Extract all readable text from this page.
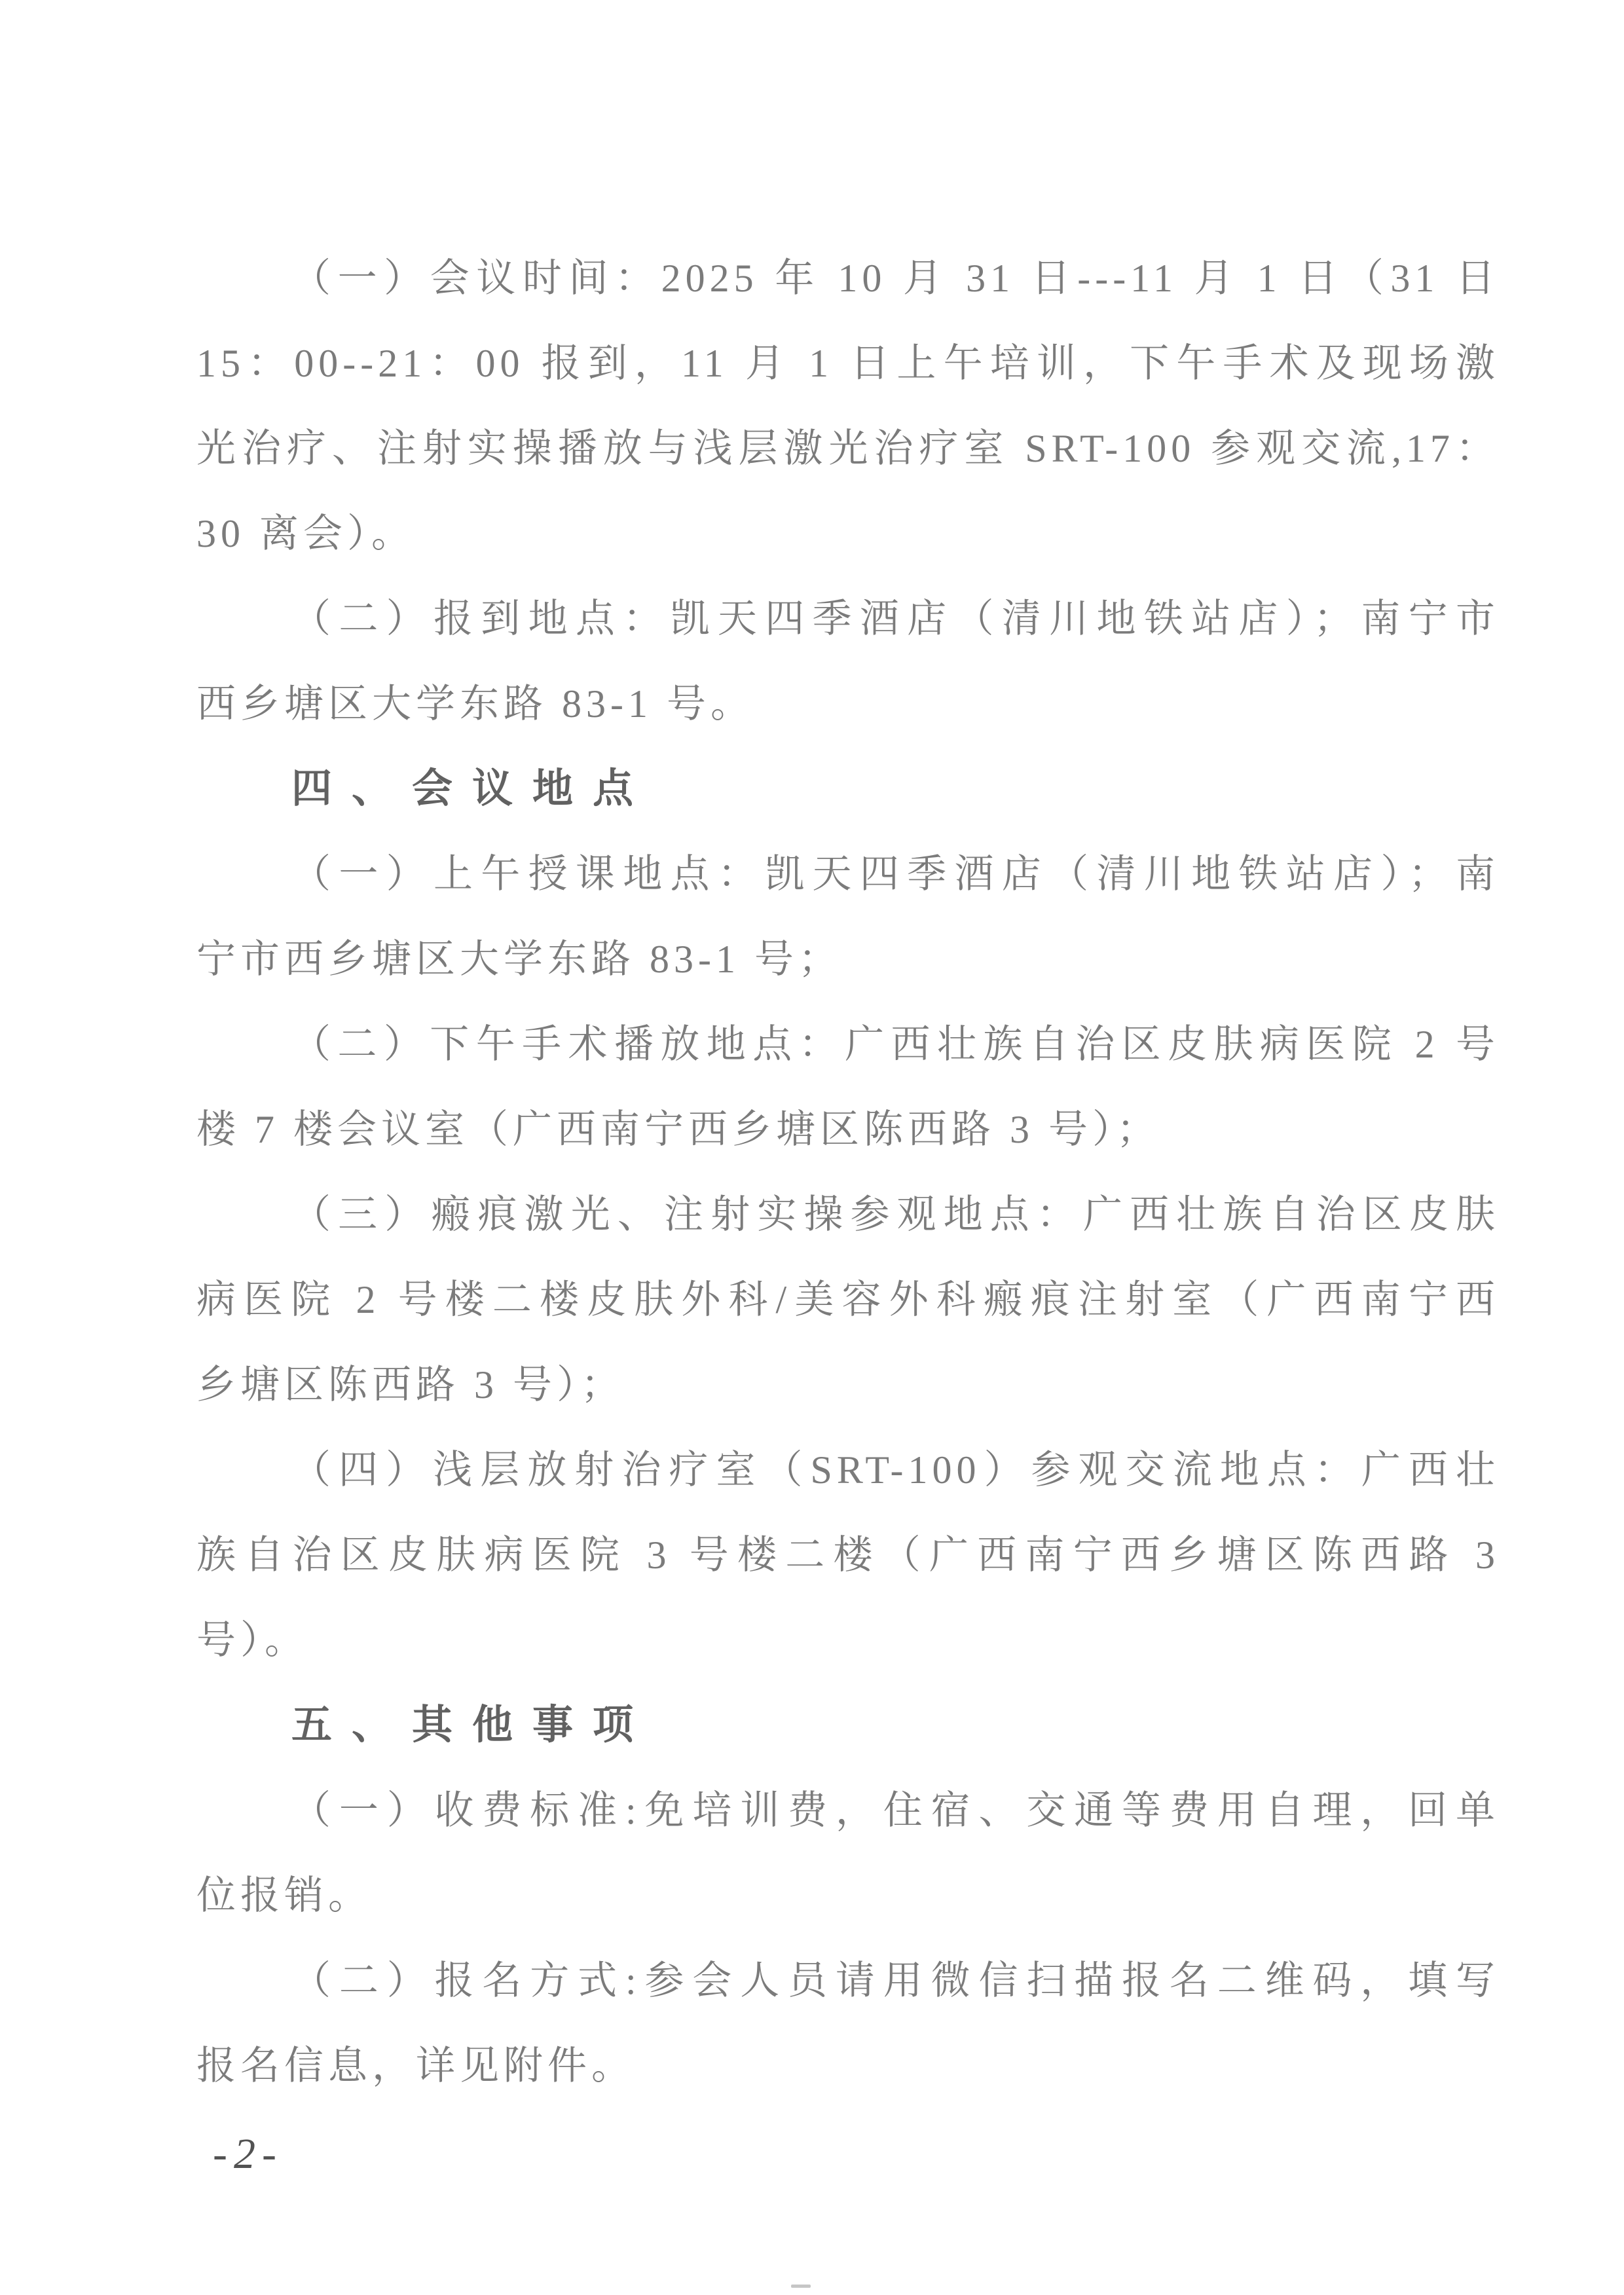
（一）会议时间：2025 年 10 月 31 日---11 月 1 日（31 日
15：00--21：00 报到，11 月 1 日上午培训，下午手术及现场激
光治疗、注射实操播放与浅层激光治疗室 SRT-100 参观交流,17：
30 离会）。
（二）报到地点：凯天四季酒店（清川地铁站店）；南宁市
西乡塘区大学东路 83-1 号。
四、会议地点
（一）上午授课地点：凯天四季酒店（清川地铁站店）；南
宁市西乡塘区大学东路 83-1 号；
（二）下午手术播放地点：广西壮族自治区皮肤病医院 2 号
楼 7 楼会议室（广西南宁西乡塘区陈西路 3 号）；
（三）瘢痕激光、注射实操参观地点：广西壮族自治区皮肤
病医院 2 号楼二楼皮肤外科/美容外科瘢痕注射室（广西南宁西
乡塘区陈西路 3 号）；
（四）浅层放射治疗室（SRT-100）参观交流地点：广西壮
族自治区皮肤病医院 3 号楼二楼（广西南宁西乡塘区陈西路 3
号）。
五、其他事项
（一）收费标准:免培训费，住宿、交通等费用自理，回单
位报销。
（二）报名方式:参会人员请用微信扫描报名二维码，填写
报名信息，详见附件。
-2-
